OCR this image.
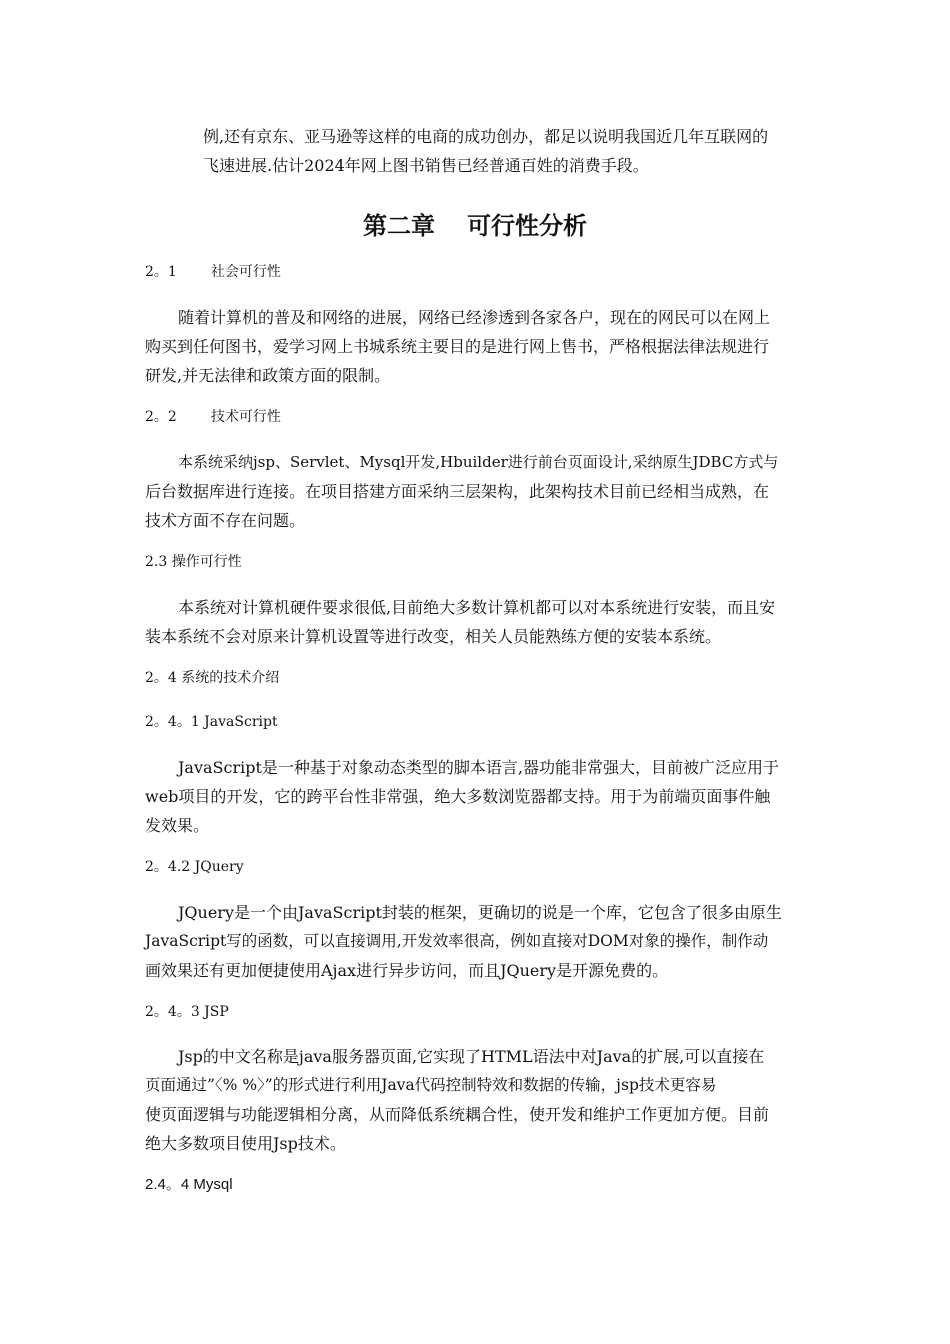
例,还有京东、亚马逊等这样的电商的成功创办，都足以说明我国近几年互联网的
飞速进展.估计2024年网上图书销售已经普通百姓的消费手段。
第二章 可行性分析
2。1 社会可行性
随着计算机的普及和网络的进展，网络已经渗透到各家各户，现在的网民可以在网上
购买到任何图书，爱学习网上书城系统主要目的是进行网上售书，严格根据法律法规进行
研发,并无法律和政策方面的限制。
2。2 技术可行性
本系统采纳jsp、Servlet、Mysql开发,Hbuilder进行前台页面设计,采纳原生JDBC方式与
后台数据库进行连接。在项目搭建方面采纳三层架构，此架构技术目前已经相当成熟，在
技术方面不存在问题。
2.3 操作可行性
本系统对计算机硬件要求很低,目前绝大多数计算机都可以对本系统进行安装，而且安
装本系统不会对原来计算机设置等进行改变，相关人员能熟练方便的安装本系统。
2。4 系统的技术介绍
2。4。1 JavaScript
JavaScript是一种基于对象动态类型的脚本语言,器功能非常强大，目前被广泛应用于
web项目的开发，它的跨平台性非常强，绝大多数浏览器都支持。用于为前端页面事件触
发效果。
2。4.2 JQuery
JQuery是一个由JavaScript封装的框架，更确切的说是一个库，它包含了很多由原生
JavaScript写的函数，可以直接调用,开发效率很高，例如直接对DOM对象的操作，制作动
画效果还有更加便捷使用Ajax进行异步访问，而且JQuery是开源免费的。
2。4。3 JSP
Jsp的中文名称是java服务器页面,它实现了HTML语法中对Java的扩展,可以直接在
页面通过”〈% %〉”的形式进行利用Java代码控制特效和数据的传输，jsp技术更容易
使页面逻辑与功能逻辑相分离，从而降低系统耦合性，使开发和维护工作更加方便。目前
绝大多数项目使用Jsp技术。
2.4。4 Mysql
